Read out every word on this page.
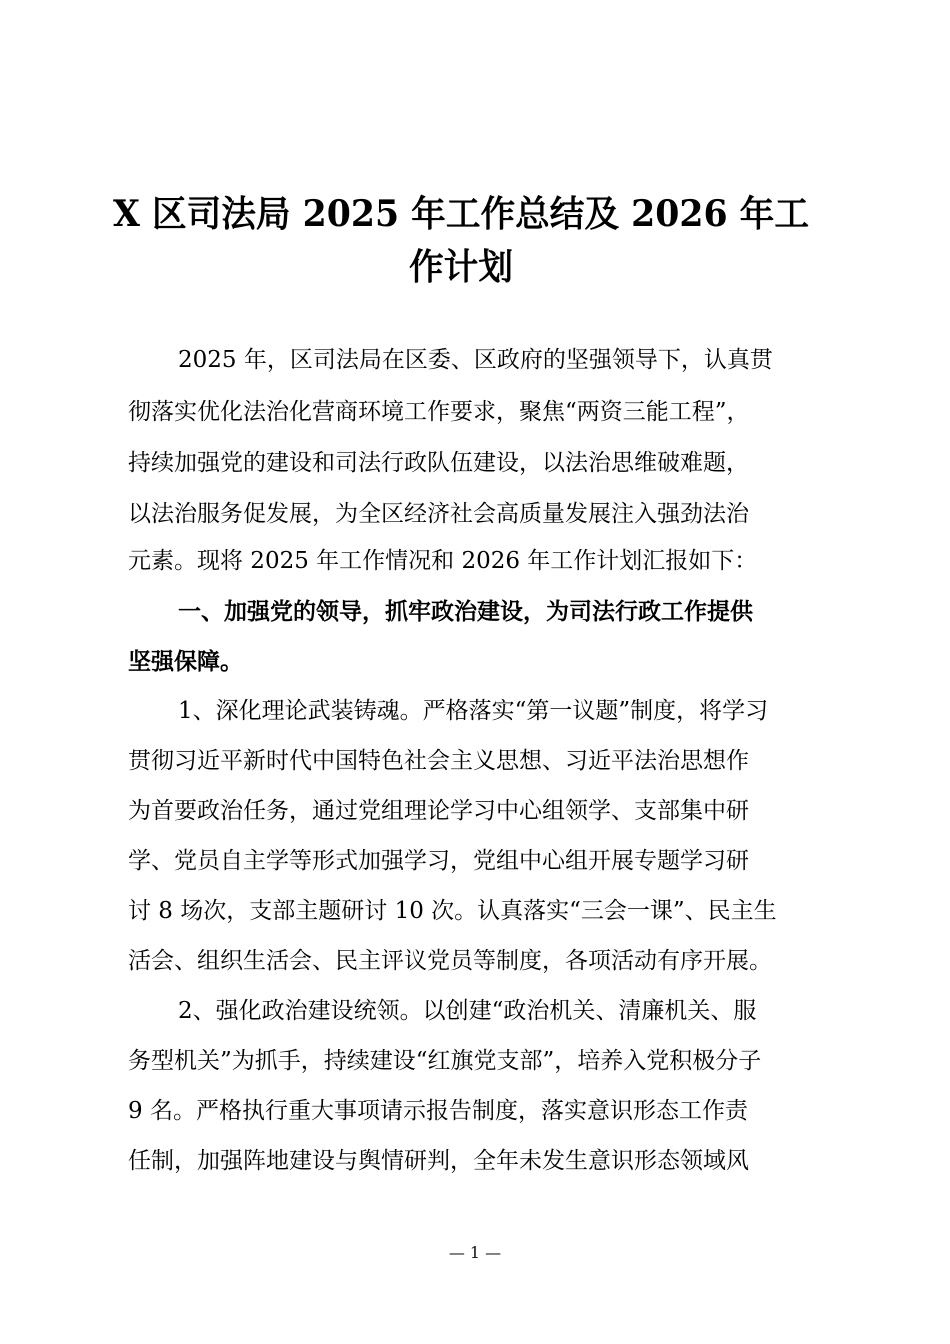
X 区司法局 2025 年工作总结及 2026 年工
作计划
2025 年，区司法局在区委、区政府的坚强领导下，认真贯
彻落实优化法治化营商环境工作要求，聚焦“两资三能工程”，
持续加强党的建设和司法行政队伍建设，以法治思维破难题，
以法治服务促发展，为全区经济社会高质量发展注入强劲法治
元素。现将 2025 年工作情况和 2026 年工作计划汇报如下：
一、加强党的领导，抓牢政治建设，为司法行政工作提供
坚强保障。
1、深化理论武装铸魂。严格落实“第一议题”制度，将学习
贯彻习近平新时代中国特色社会主义思想、习近平法治思想作
为首要政治任务，通过党组理论学习中心组领学、支部集中研
学、党员自主学等形式加强学习，党组中心组开展专题学习研
讨 8 场次，支部主题研讨 10 次。认真落实“三会一课”、民主生
活会、组织生活会、民主评议党员等制度，各项活动有序开展。
2、强化政治建设统领。以创建“政治机关、清廉机关、服
务型机关”为抓手，持续建设“红旗党支部”，培养入党积极分子
9 名。严格执行重大事项请示报告制度，落实意识形态工作责
任制，加强阵地建设与舆情研判，全年未发生意识形态领域风
— 1 —
